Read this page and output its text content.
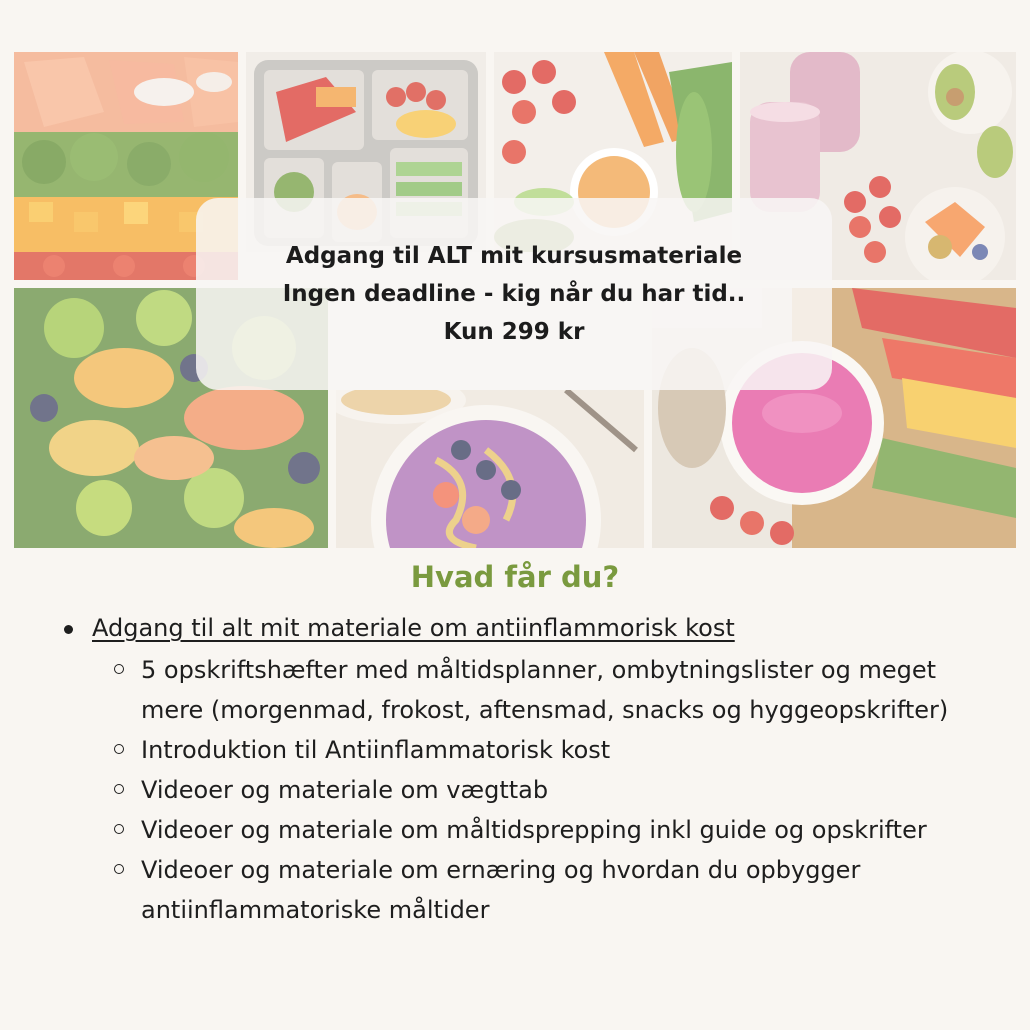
Adgang til ALT mit kursusmateriale
Ingen deadline - kig når du har tid..
Kun 299 kr
Hvad får du?
Adgang til alt mit materiale om antiinflammorisk kost
5 opskriftshæfter med måltidsplanner, ombytningslister og meget mere (morgenmad, frokost, aftensmad, snacks og hyggeopskrifter)
Introduktion til Antiinflammatorisk kost
Videoer og materiale om vægttab
Videoer og materiale om måltidsprepping inkl guide og opskrifter
Videoer og materiale om ernæring og hvordan du opbygger antiinflammatoriske måltider
